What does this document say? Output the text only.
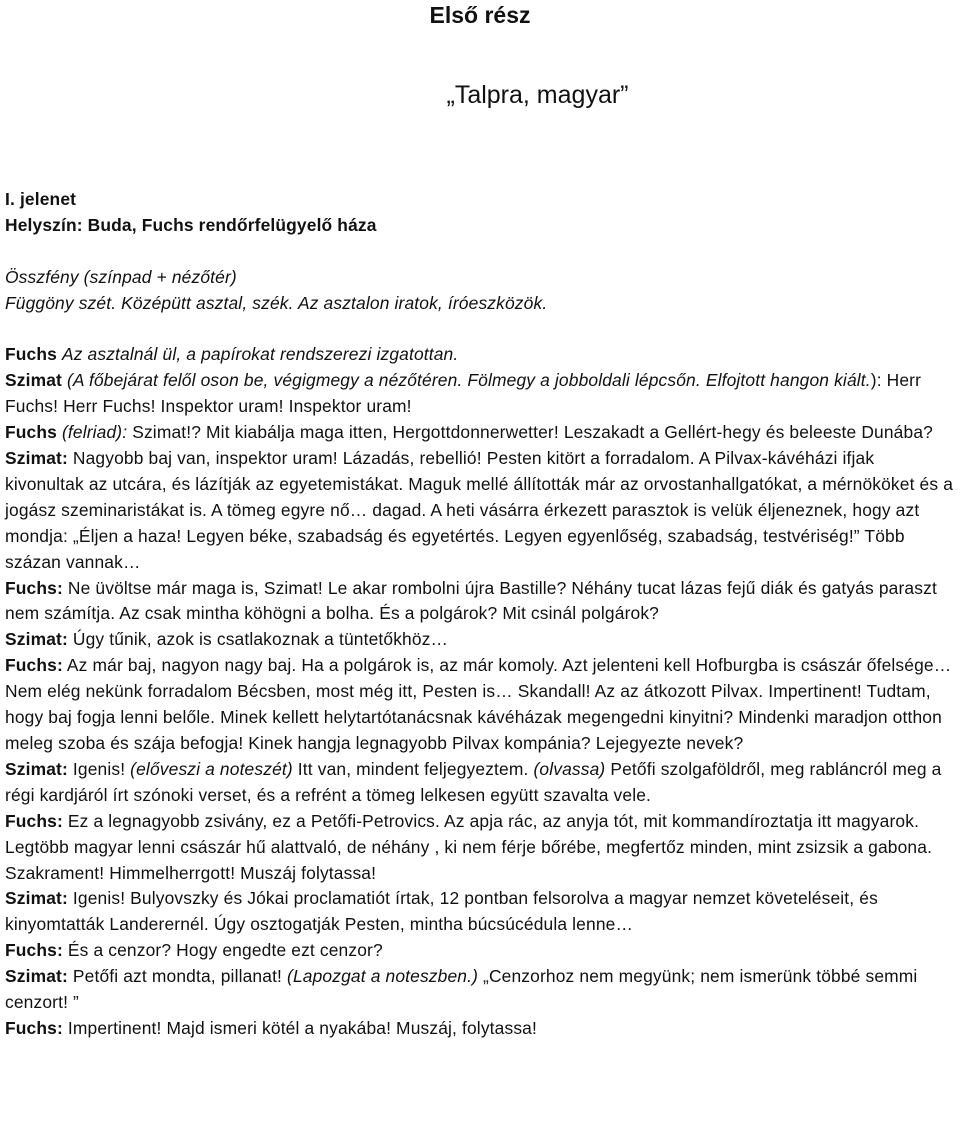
Első rész
„Talpra, magyar”

I. jelenet

Helyszín: Buda, Fuchs rendőrfelügyelő háza

Összfény (színpad + nézőtér)

Függöny szét. Középütt asztal, szék. Az asztalon iratok, íróeszközök.

Fuchs Az asztalnál ül, a papírokat rendszerezi izgatottan.

Szimat (A főbejárat felől oson be, végigmegy a nézőtéren. Fölmegy a jobboldali lépcsőn. Elfojtott hangon kiált.): Herr Fuchs! Herr Fuchs! Inspektor uram! Inspektor uram!

Fuchs (felriad): Szimat!? Mit kiabálja maga itten, Hergottdonnerwetter! Leszakadt a Gellért-hegy és beleeste Dunába?

Szimat: Nagyobb baj van, inspektor uram! Lázadás, rebellió! Pesten kitört a forradalom. A Pilvax-kávéházi ifjak kivonultak az utcára, és lázítják az egyetemistákat. Maguk mellé állították már az orvostanhallgatókat, a mérnököket és a jogász szeminaristákat is. A tömeg egyre nő… dagad. A heti vásárra érkezett parasztok is velük éljeneznek, hogy azt mondja: „Éljen a haza! Legyen béke, szabadság és egyetértés. Legyen egyenlőség, szabadság, testvériség!” Több százan vannak…

Fuchs: Ne üvöltse már maga is, Szimat! Le akar rombolni újra Bastille? Néhány tucat lázas fejű diák és gatyás paraszt nem számítja. Az csak mintha köhögni a bolha. És a polgárok? Mit csinál polgárok?

Szimat: Úgy tűnik, azok is csatlakoznak a tüntetőkhöz…

Fuchs: Az már baj, nagyon nagy baj. Ha a polgárok is, az már komoly. Azt jelenteni kell Hofburgba is császár őfelsége… Nem elég nekünk forradalom Bécsben, most még itt, Pesten is… Skandall! Az az átkozott Pilvax. Impertinent! Tudtam, hogy baj fogja lenni belőle. Minek kellett helytartótanácsnak kávéházak megengedni kinyitni? Mindenki maradjon otthon meleg szoba és szája befogja! Kinek hangja legnagyobb Pilvax kompánia? Lejegyezte nevek?

Szimat: Igenis! (előveszi a noteszét) Itt van, mindent feljegyeztem. (olvassa) Petőfi szolgaföldről, meg rabláncról meg a régi kardjáról írt szónoki verset, és a refrént a tömeg lelkesen együtt szavalta vele.

Fuchs: Ez a legnagyobb zsivány, ez a Petőfi-Petrovics. Az apja rác, az anyja tót, mit kommandíroztatja itt magyarok. Legtöbb magyar lenni császár hű alattvaló, de néhány , ki nem férje bőrébe, megfertőz minden, mint zsizsik a gabona. Szakrament! Himmelherrgott! Muszáj folytassa!

Szimat: Igenis! Bulyovszky és Jókai proclamatiót írtak, 12 pontban felsorolva a magyar nemzet követeléseit, és kinyomtatták Landerernél. Úgy osztogatják Pesten, mintha búcsúcédula lenne…

Fuchs: És a cenzor? Hogy engedte ezt cenzor?

Szimat: Petőfi azt mondta, pillanat! (Lapozgat a noteszben.) „Cenzorhoz nem megyünk; nem ismerünk többé semmi cenzort! ”

Fuchs: Impertinent! Majd ismeri kötél a nyakába! Muszáj, folytassa!
